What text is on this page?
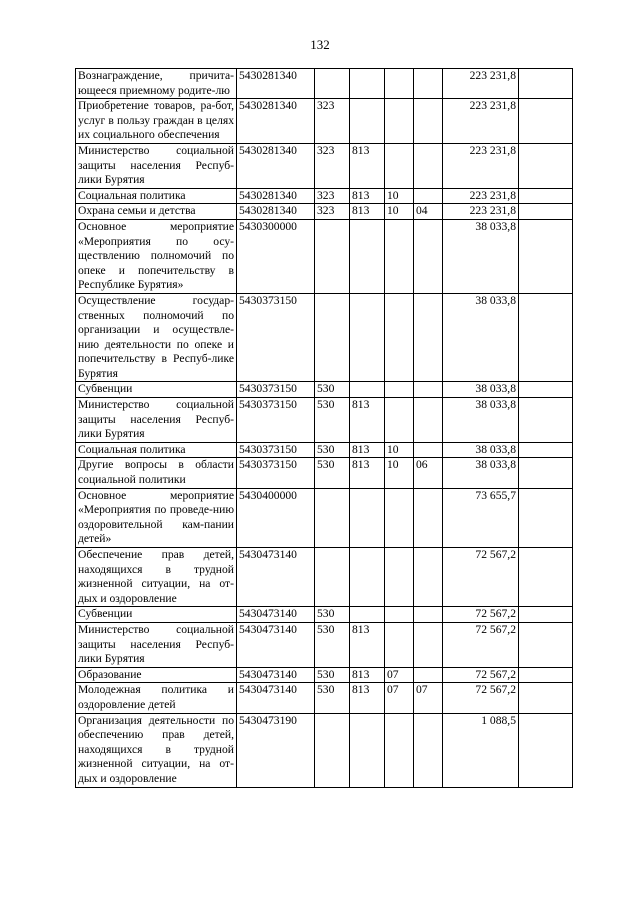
132
Вознаграждение, причита-ющееся приемному родите-лю	5430281340					223 231,8	
Приобретение товаров, ра-бот, услуг в пользу граждан в целях их социального обеспечения	5430281340	323				223 231,8	
Министерство социальной защиты населения Респуб-лики Бурятия	5430281340	323	813			223 231,8	
Социальная политика	5430281340	323	813	10		223 231,8	
Охрана семьи и детства	5430281340	323	813	10	04	223 231,8	
Основное мероприятие «Мероприятия по осу-ществлению полномочий по опеке и попечительству в Республике Бурятия»	5430300000					38 033,8	
Осуществление государ-ственных полномочий по организации и осуществле-нию деятельности по опеке и попечительству в Респуб-лике Бурятия	5430373150					38 033,8	
Субвенции	5430373150	530				38 033,8	
Министерство социальной защиты населения Респуб-лики Бурятия	5430373150	530	813			38 033,8	
Социальная политика	5430373150	530	813	10		38 033,8	
Другие вопросы в области социальной политики	5430373150	530	813	10	06	38 033,8	
Основное мероприятие «Мероприятия по проведе-нию оздоровительной кам-пании детей»	5430400000					73 655,7	
Обеспечение прав детей, находящихся в трудной жизненной ситуации, на от-дых и оздоровление	5430473140					72 567,2	
Субвенции	5430473140	530				72 567,2	
Министерство социальной защиты населения Респуб-лики Бурятия	5430473140	530	813			72 567,2	
Образование	5430473140	530	813	07		72 567,2	
Молодежная политика и оздоровление детей	5430473140	530	813	07	07	72 567,2	
Организация деятельности по обеспечению прав детей, находящихся в трудной жизненной ситуации, на от-дых и оздоровление	5430473190					1 088,5	
